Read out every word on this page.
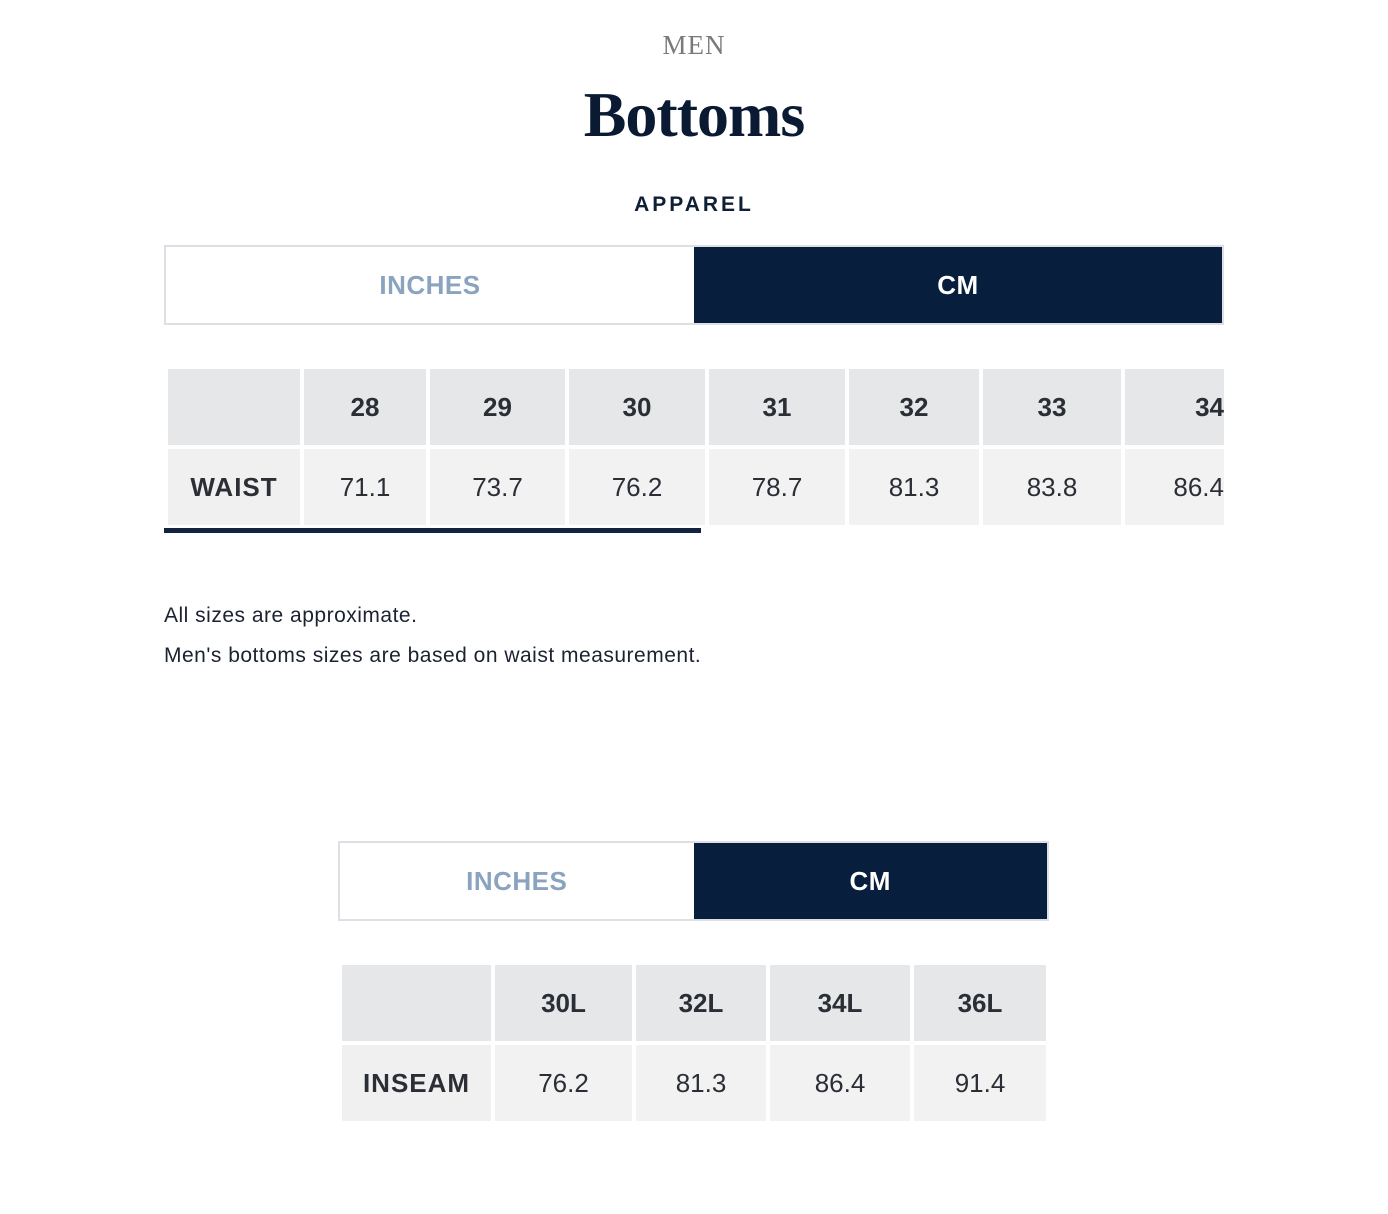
MEN
Bottoms
APPAREL
INCHES	CM
WAIST
28
71.1
29
73.7
30
76.2
31
78.7
32
81.3
33
83.8
34
86.4

All sizes are approximate.

Men's bottoms sizes are based on waist measurement.

INCHES	CM
INSEAM
30L
76.2
32L
81.3
34L
86.4
36L
91.4
